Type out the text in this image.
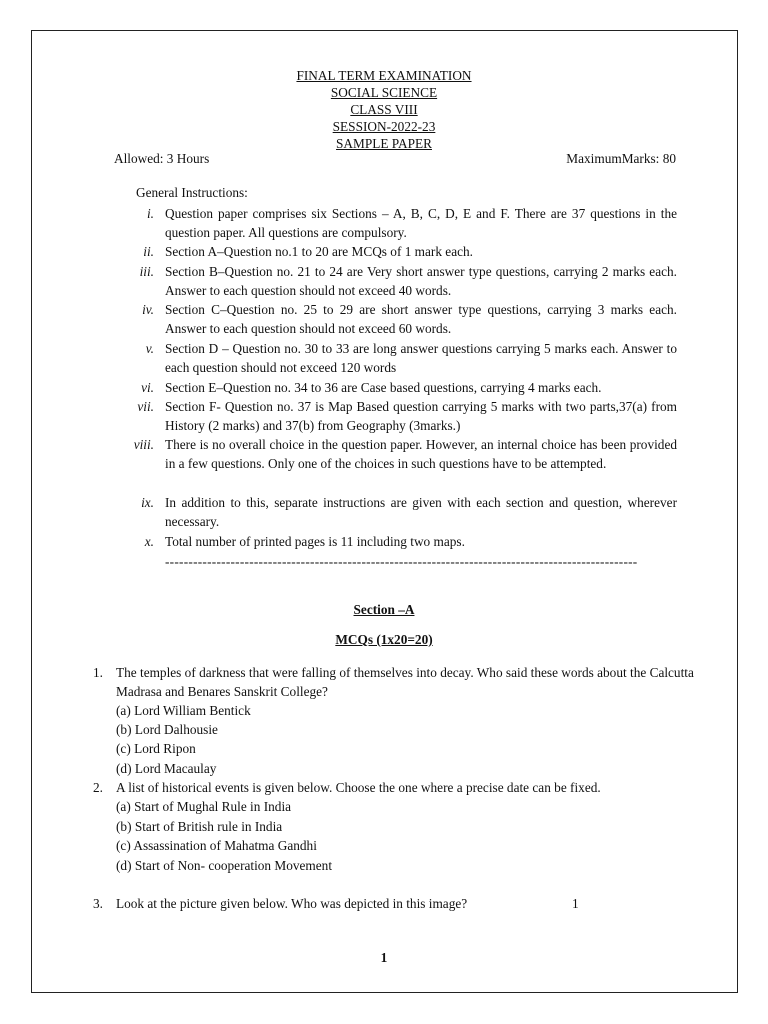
FINAL TERM EXAMINATION
SOCIAL SCIENCE
CLASS VIII
SESSION-2022-23
SAMPLE PAPER
Allowed: 3 Hours	MaximumMarks: 80
General Instructions:
i. Question paper comprises six Sections – A, B, C, D, E and F. There are 37 questions in the question paper. All questions are compulsory.
ii. Section A–Question no.1 to 20 are MCQs of 1 mark each.
iii. Section B–Question no. 21 to 24 are Very short answer type questions, carrying 2 marks each. Answer to each question should not exceed 40 words.
iv. Section C–Question no. 25 to 29 are short answer type questions, carrying 3 marks each. Answer to each question should not exceed 60 words.
v. Section D – Question no. 30 to 33 are long answer questions carrying 5 marks each. Answer to each question should not exceed 120 words
vi. Section E–Question no. 34 to 36 are Case based questions, carrying 4 marks each.
vii. Section F- Question no. 37 is Map Based question carrying 5 marks with two parts,37(a) from History (2 marks) and 37(b) from Geography (3marks.)
viii. There is no overall choice in the question paper. However, an internal choice has been provided in a few questions. Only one of the choices in such questions have to be attempted.
ix. In addition to this, separate instructions are given with each section and question, wherever necessary.
x. Total number of printed pages is 11 including two maps.
-----------------------------------------------------------------------------------------------------
Section –A
MCQs (1x20=20)
1. The temples of darkness that were falling of themselves into decay. Who said these words about the Calcutta Madrasa and Benares Sanskrit College?
(a) Lord William Bentick
(b) Lord Dalhousie
(c) Lord Ripon
(d) Lord Macaulay
2. A list of historical events is given below. Choose the one where a precise date can be fixed.
(a) Start of Mughal Rule in India
(b) Start of British rule in India
(c) Assassination of Mahatma Gandhi
(d) Start of Non- cooperation Movement
3. Look at the picture given below. Who was depicted in this image?	1
1
